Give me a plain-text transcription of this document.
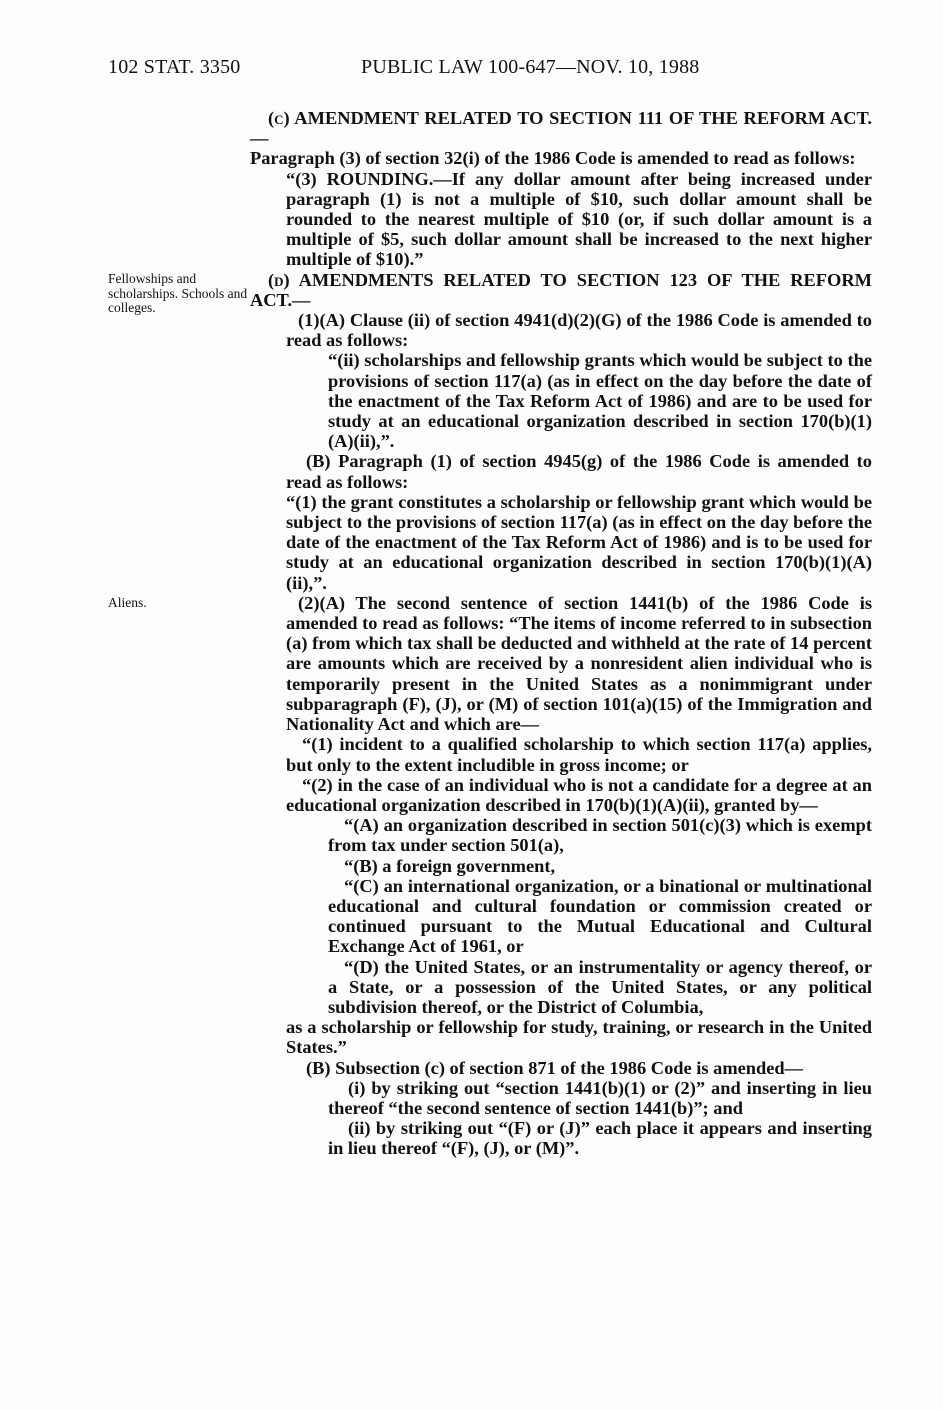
102 STAT. 3350	PUBLIC LAW 100-647—NOV. 10, 1988
Fellowships and scholarships. Schools and colleges.
Aliens.

(c) AMENDMENT RELATED TO SECTION 111 OF THE REFORM ACT.—

Paragraph (3) of section 32(i) of the 1986 Code is amended to read as follows:

“(3) ROUNDING.—If any dollar amount after being increased under paragraph (1) is not a multiple of $10, such dollar amount shall be rounded to the nearest multiple of $10 (or, if such dollar amount is a multiple of $5, such dollar amount shall be increased to the next higher multiple of $10).”

(d) AMENDMENTS RELATED TO SECTION 123 OF THE REFORM ACT.—

(1)(A) Clause (ii) of section 4941(d)(2)(G) of the 1986 Code is amended to read as follows:

“(ii) scholarships and fellowship grants which would be subject to the provisions of section 117(a) (as in effect on the day before the date of the enactment of the Tax Reform Act of 1986) and are to be used for study at an educational organization described in section 170(b)(1)(A)(ii),”.

(B) Paragraph (1) of section 4945(g) of the 1986 Code is amended to read as follows:

“(1) the grant constitutes a scholarship or fellowship grant which would be subject to the provisions of section 117(a) (as in effect on the day before the date of the enactment of the Tax Reform Act of 1986) and is to be used for study at an educational organization described in section 170(b)(1)(A)(ii),”.

(2)(A) The second sentence of section 1441(b) of the 1986 Code is amended to read as follows: “The items of income referred to in subsection (a) from which tax shall be deducted and withheld at the rate of 14 percent are amounts which are received by a nonresident alien individual who is temporarily present in the United States as a nonimmigrant under subparagraph (F), (J), or (M) of section 101(a)(15) of the Immigration and Nationality Act and which are—

“(1) incident to a qualified scholarship to which section 117(a) applies, but only to the extent includible in gross income; or

“(2) in the case of an individual who is not a candidate for a degree at an educational organization described in 170(b)(1)(A)(ii), granted by—

“(A) an organization described in section 501(c)(3) which is exempt from tax under section 501(a),

“(B) a foreign government,

“(C) an international organization, or a binational or multinational educational and cultural foundation or commission created or continued pursuant to the Mutual Educational and Cultural Exchange Act of 1961, or

“(D) the United States, or an instrumentality or agency thereof, or a State, or a possession of the United States, or any political subdivision thereof, or the District of Columbia,

as a scholarship or fellowship for study, training, or research in the United States.”

(B) Subsection (c) of section 871 of the 1986 Code is amended—

(i) by striking out “section 1441(b)(1) or (2)” and inserting in lieu thereof “the second sentence of section 1441(b)”; and

(ii) by striking out “(F) or (J)” each place it appears and inserting in lieu thereof “(F), (J), or (M)”.
